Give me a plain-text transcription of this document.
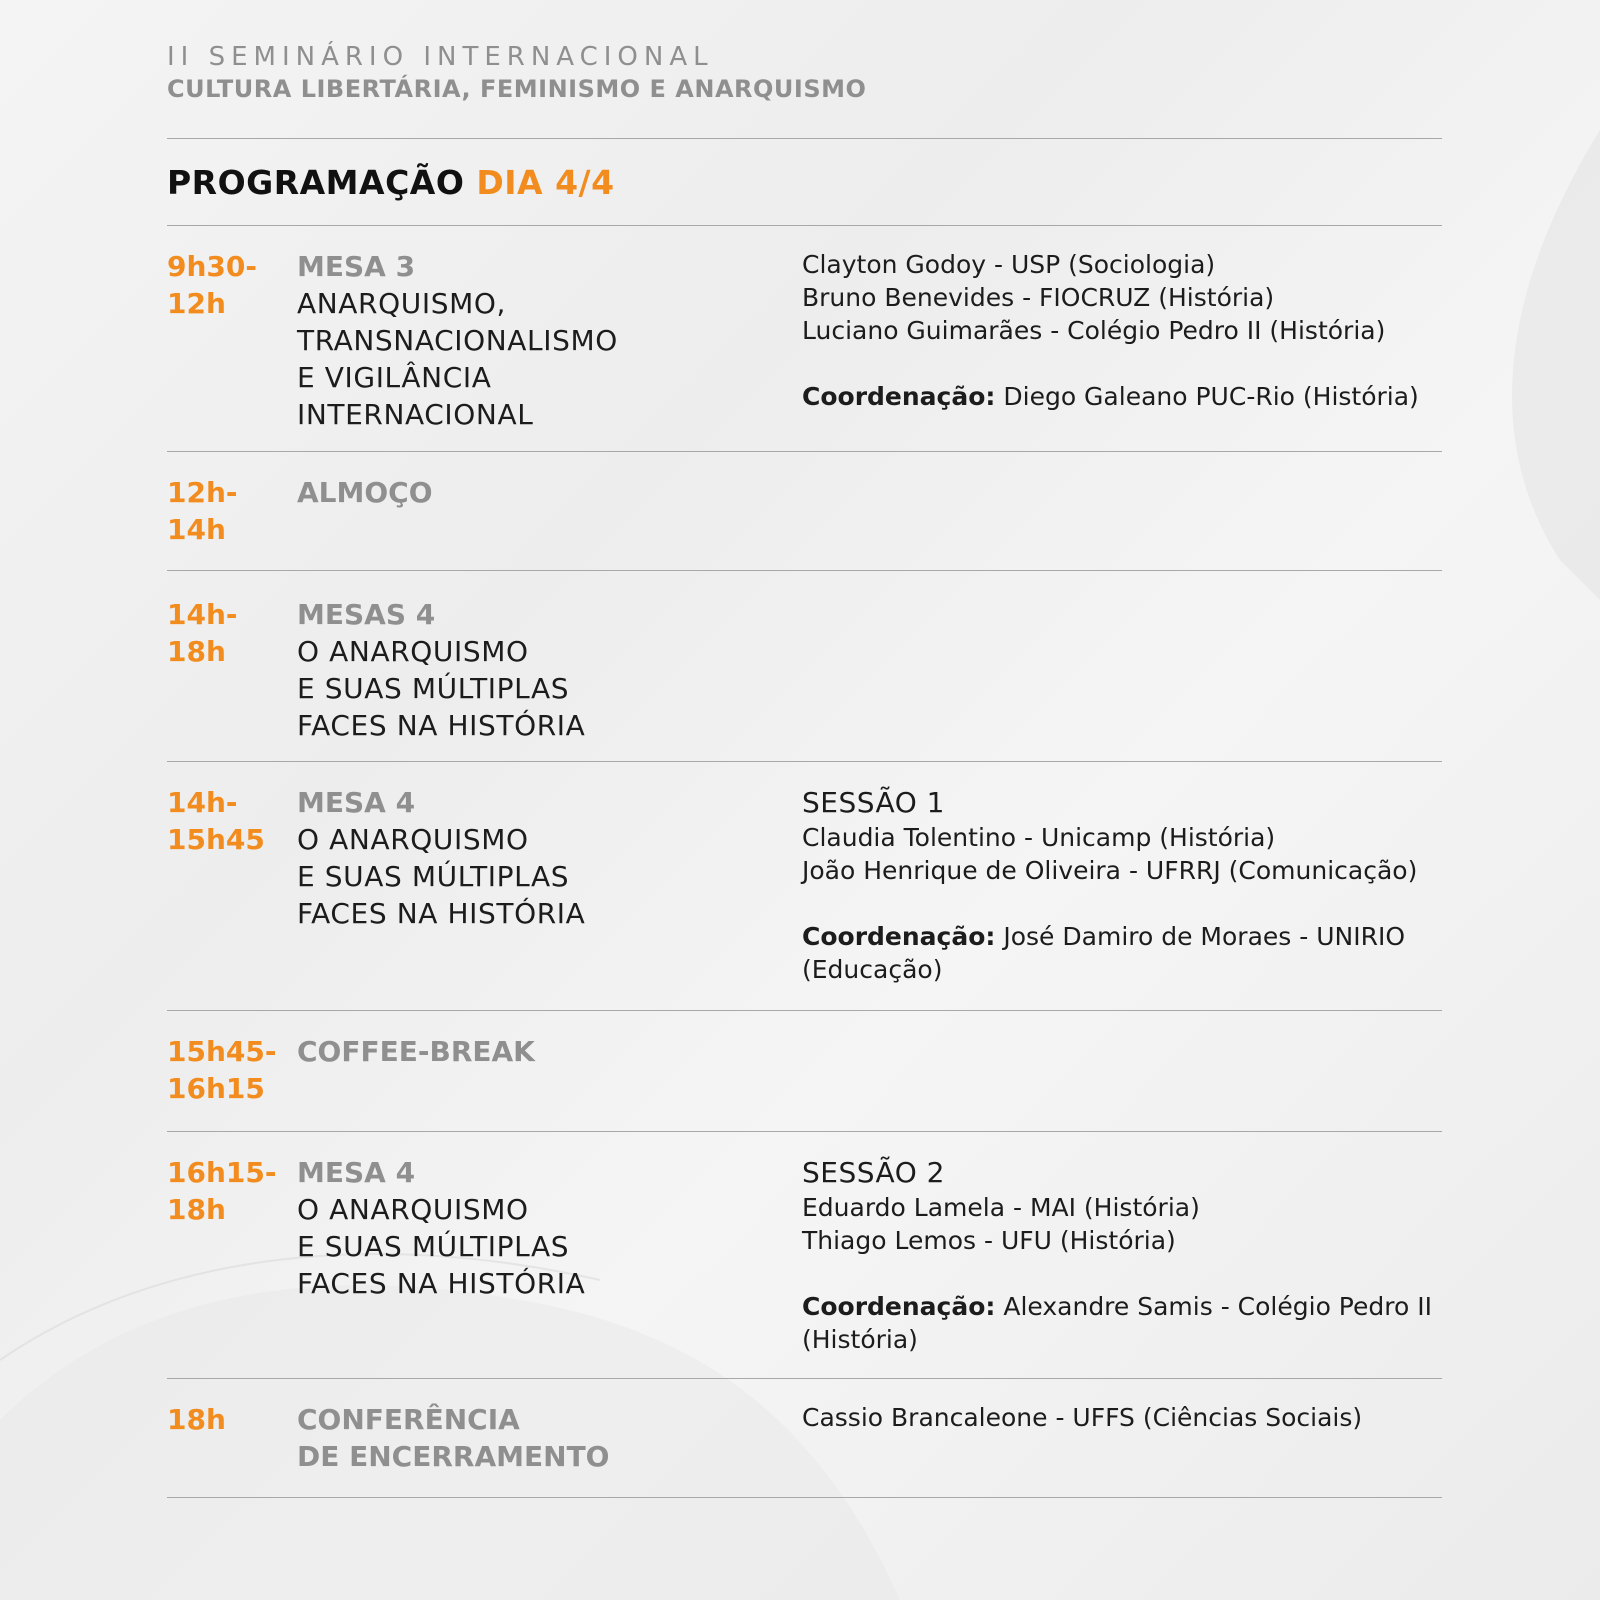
II SEMINÁRIO INTERNACIONAL
CULTURA LIBERTÁRIA, FEMINISMO E ANARQUISMO
PROGRAMAÇÃO DIA 4/4
9h30-
12h
MESA 3
ANARQUISMO,
TRANSNACIONALISMO
E VIGILÂNCIA
INTERNACIONAL
Clayton Godoy - USP (Sociologia)
Bruno Benevides - FIOCRUZ (História)
Luciano Guimarães - Colégio Pedro II (História)
Coordenação: Diego Galeano PUC-Rio (História)
12h-
14h
ALMOÇO
14h-
18h
MESAS 4
O ANARQUISMO
E SUAS MÚLTIPLAS
FACES NA HISTÓRIA
14h-
15h45
MESA 4
O ANARQUISMO
E SUAS MÚLTIPLAS
FACES NA HISTÓRIA
SESSÃO 1
Claudia Tolentino - Unicamp (História)
João Henrique de Oliveira - UFRRJ (Comunicação)
Coordenação: José Damiro de Moraes - UNIRIO (Educação)
15h45-
16h15
COFFEE-BREAK
16h15-
18h
MESA 4
O ANARQUISMO
E SUAS MÚLTIPLAS
FACES NA HISTÓRIA
SESSÃO 2
Eduardo Lamela - MAI (História)
Thiago Lemos - UFU (História)
Coordenação: Alexandre Samis - Colégio Pedro II (História)
18h	CONFERÊNCIA
DE ENCERRAMENTO
Cassio Brancaleone - UFFS (Ciências Sociais)
